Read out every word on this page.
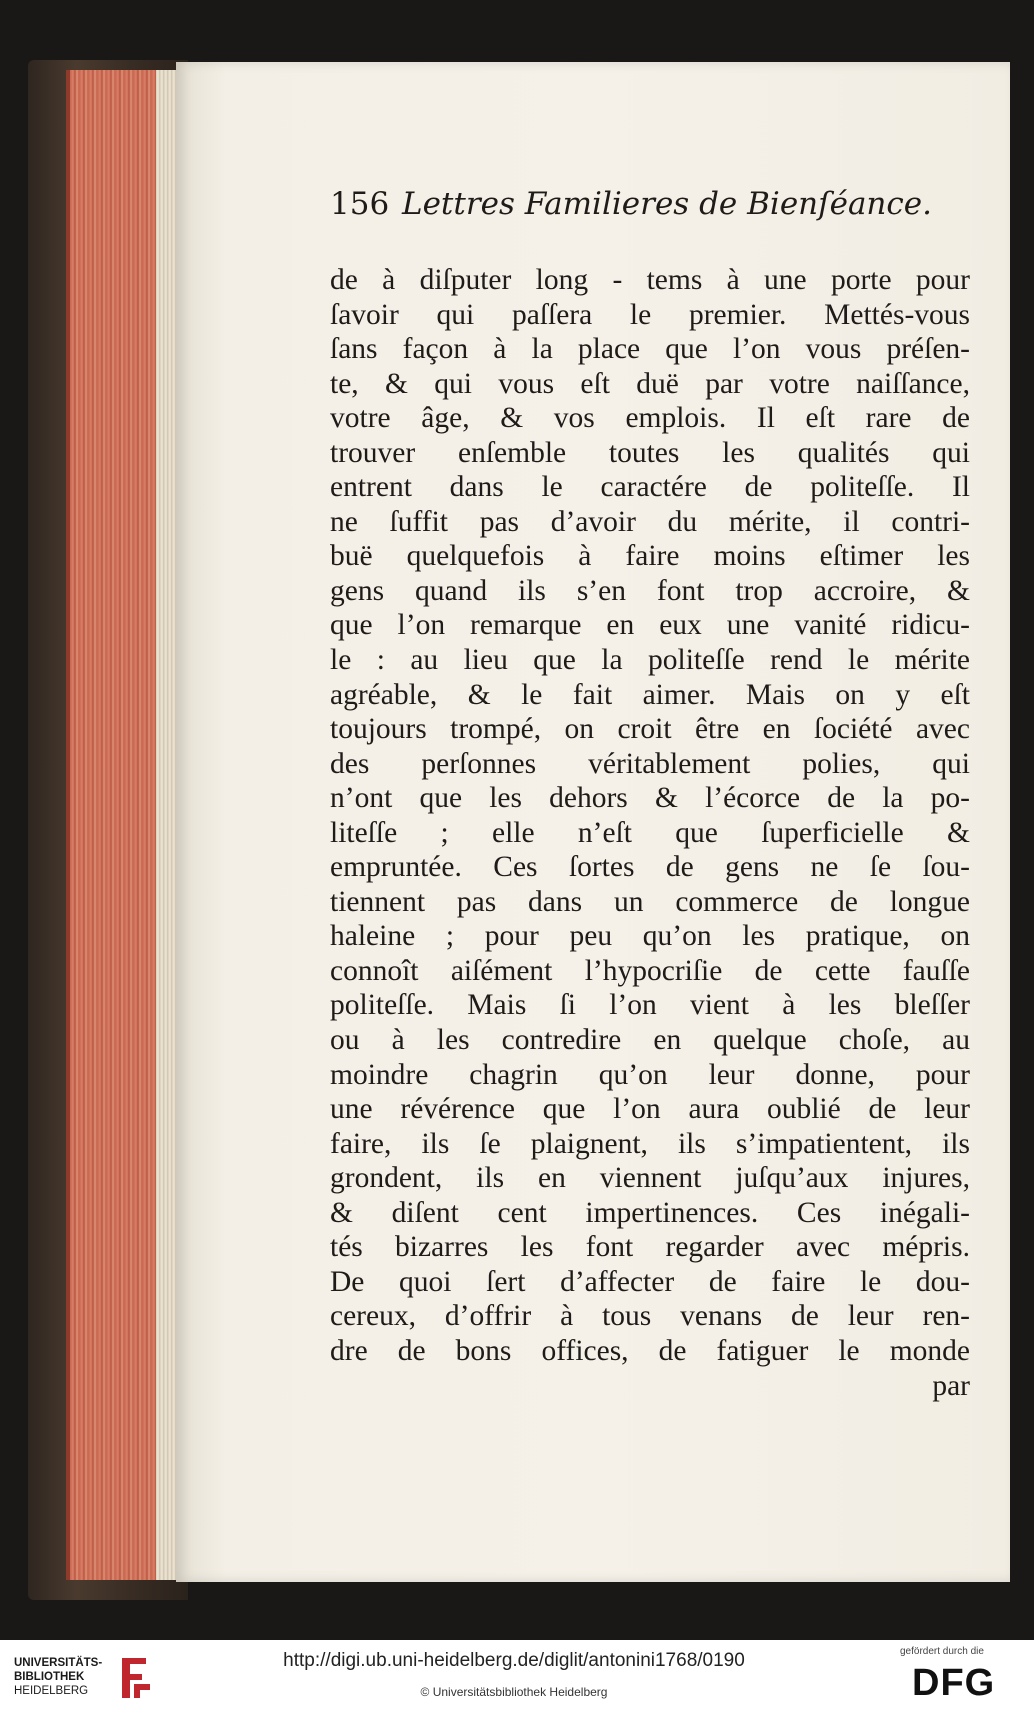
156 Lettres Familieres de Bienſéance.
de à diſputer long - tems à une porte pour
ſavoir qui paſſera le premier. Mettés-vous
ſans façon à la place que l’on vous préſen-
te, & qui vous eſt duë par votre naiſſance,
votre âge, & vos emplois. Il eſt rare de
trouver enſemble toutes les qualités qui
entrent dans le caractére de politeſſe. Il
ne ſuffit pas d’avoir du mérite, il contri-
buë quelquefois à faire moins eſtimer les
gens quand ils s’en font trop accroire, &
que l’on remarque en eux une vanité ridicu-
le : au lieu que la politeſſe rend le mérite
agréable, & le fait aimer. Mais on y eſt
toujours trompé, on croit être en ſociété avec
des perſonnes véritablement polies, qui
n’ont que les dehors & l’écorce de la po-
liteſſe ; elle n’eſt que ſuperficielle &
empruntée. Ces ſortes de gens ne ſe ſou-
tiennent pas dans un commerce de longue
haleine ; pour peu qu’on les pratique, on
connoît aiſément l’hypocriſie de cette fauſſe
politeſſe. Mais ſi l’on vient à les bleſſer
ou à les contredire en quelque choſe, au
moindre chagrin qu’on leur donne, pour
une révérence que l’on aura oublié de leur
faire, ils ſe plaignent, ils s’impatientent, ils
grondent, ils en viennent juſqu’aux injures,
& diſent cent impertinences. Ces inégali-
tés bizarres les font regarder avec mépris.
De quoi ſert d’affecter de faire le dou-
cereux, d’offrir à tous venans de leur ren-
dre de bons offices, de fatiguer le monde
par
UNIVERSITÄTS-
BIBLIOTHEK
HEIDELBERG
http://digi.ub.uni-heidelberg.de/diglit/antonini1768/0190
© Universitätsbibliothek Heidelberg
gefördert durch die
DFG
